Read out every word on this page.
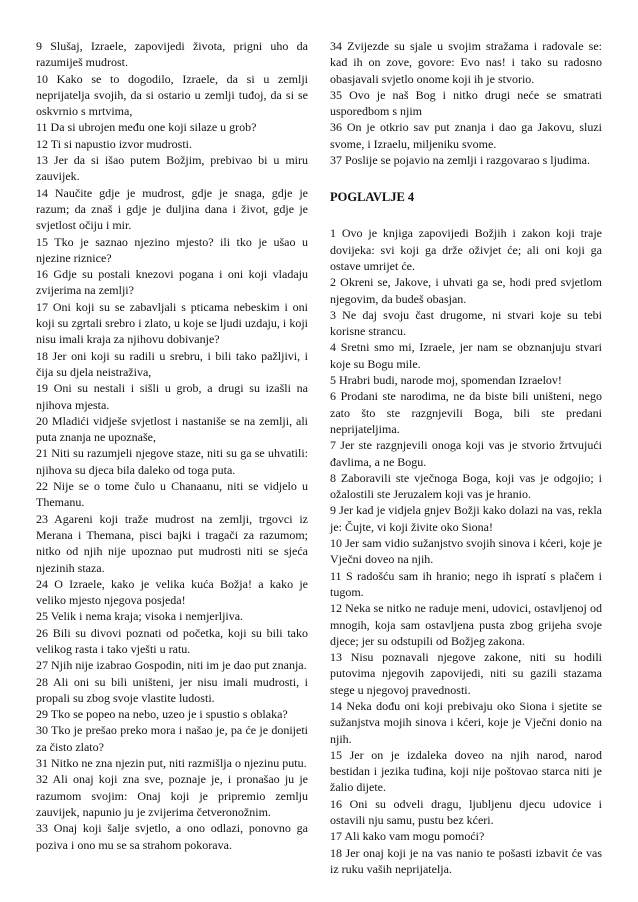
9 Slušaj, Izraele, zapovijedi života, prigni uho da razumiješ mudrost.

10 Kako se to dogodilo, Izraele, da si u zemlji neprijatelja svojih, da si ostario u zemlji tuđoj, da si se oskvrnio s mrtvima,

11 Da si ubrojen među one koji silaze u grob?

12 Ti si napustio izvor mudrosti.

13 Jer da si išao putem Božjim, prebivao bi u miru zauvijek.

14 Naučite gdje je mudrost, gdje je snaga, gdje je razum; da znaš i gdje je duljina dana i život, gdje je svjetlost očiju i mir.

15 Tko je saznao njezino mjesto? ili tko je ušao u njezine riznice?

16 Gdje su postali knezovi pogana i oni koji vladaju zvijerima na zemlji?

17 Oni koji su se zabavljali s pticama nebeskim i oni koji su zgrtali srebro i zlato, u koje se ljudi uzdaju, i koji nisu imali kraja za njihovu dobivanje?

18 Jer oni koji su radili u srebru, i bili tako pažljivi, i čija su djela neistraživa,

19 Oni su nestali i sišli u grob, a drugi su izašli na njihova mjesta.

20 Mladići vidješe svjetlost i nastaniše se na zemlji, ali puta znanja ne upoznaše,

21 Niti su razumjeli njegove staze, niti su ga se uhvatili: njihova su djeca bila daleko od toga puta.

22 Nije se o tome čulo u Chanaanu, niti se vidjelo u Themanu.

23 Agareni koji traže mudrost na zemlji, trgovci iz Merana i Themana, pisci bajki i tragači za razumom; nitko od njih nije upoznao put mudrosti niti se sjeća njezinih staza.

24 O Izraele, kako je velika kuća Božja! a kako je veliko mjesto njegova posjeda!

25 Velik i nema kraja; visoka i nemjerljiva.

26 Bili su divovi poznati od početka, koji su bili tako velikog rasta i tako vješti u ratu.

27 Njih nije izabrao Gospodin, niti im je dao put znanja.

28 Ali oni su bili uništeni, jer nisu imali mudrosti, i propali su zbog svoje vlastite ludosti.

29 Tko se popeo na nebo, uzeo je i spustio s oblaka?

30 Tko je prešao preko mora i našao je, pa će je donijeti za čisto zlato?

31 Nitko ne zna njezin put, niti razmišlja o njezinu putu.

32 Ali onaj koji zna sve, poznaje je, i pronašao ju je razumom svojim: Onaj koji je pripremio zemlju zauvijek, napunio ju je zvijerima četveronožnim.

33 Onaj koji šalje svjetlo, a ono odlazi, ponovno ga poziva i ono mu se sa strahom pokorava.

34 Zvijezde su sjale u svojim stražama i radovale se: kad ih on zove, govore: Evo nas! i tako su radosno obasjavali svjetlo onome koji ih je stvorio.

35 Ovo je naš Bog i nitko drugi neće se smatrati usporedbom s njim

36 On je otkrio sav put znanja i dao ga Jakovu, sluzi svome, i Izraelu, miljeniku svome.

37 Poslije se pojavio na zemlji i razgovarao s ljudima.

POGLAVLJE 4

1 Ovo je knjiga zapovijedi Božjih i zakon koji traje dovijeka: svi koji ga drže oživjet će; ali oni koji ga ostave umrijet će.

2 Okreni se, Jakove, i uhvati ga se, hodi pred svjetlom njegovim, da budeš obasjan.

3 Ne daj svoju čast drugome, ni stvari koje su tebi korisne strancu.

4 Sretni smo mi, Izraele, jer nam se obznanjuju stvari koje su Bogu mile.

5 Hrabri budi, narode moj, spomendan Izraelov!

6 Prodani ste narodima, ne da biste bili uništeni, nego zato što ste razgnjevili Boga, bili ste predani neprijateljima.

7 Jer ste razgnjevili onoga koji vas je stvorio žrtvujući đavlima, a ne Bogu.

8 Zaboravili ste vječnoga Boga, koji vas je odgojio; i ožalostili ste Jeruzalem koji vas je hranio.

9 Jer kad je vidjela gnjev Božji kako dolazi na vas, rekla je: Čujte, vi koji živite oko Siona!

10 Jer sam vidio sužanjstvo svojih sinova i kćeri, koje je Vječni doveo na njih.

11 S radošću sam ih hranio; nego ih ispratí s plačem i tugom.

12 Neka se nitko ne raduje meni, udovici, ostavljenoj od mnogih, koja sam ostavljena pusta zbog grijeha svoje djece; jer su odstupili od Božjeg zakona.

13 Nisu poznavali njegove zakone, niti su hodili putovima njegovih zapovijedi, niti su gazili stazama stege u njegovoj pravednosti.

14 Neka dođu oni koji prebivaju oko Siona i sjetite se sužanjstva mojih sinova i kćeri, koje je Vječni donio na njih.

15 Jer on je izdaleka doveo na njih narod, narod bestidan i jezika tuđina, koji nije poštovao starca niti je žalio dijete.

16 Oni su odveli dragu, ljubljenu djecu udovice i ostavili nju samu, pustu bez kćeri.

17 Ali kako vam mogu pomoći?

18 Jer onaj koji je na vas nanio te pošasti izbavit će vas iz ruku vaših neprijatelja.
